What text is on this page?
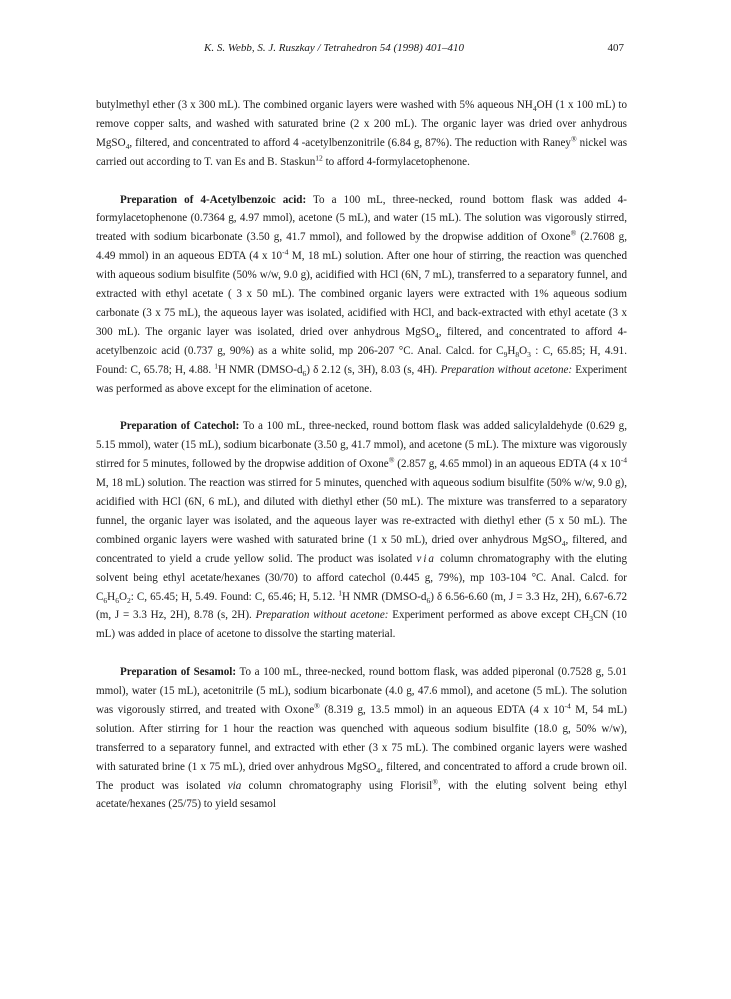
K. S. Webb, S. J. Ruszkay / Tetrahedron 54 (1998) 401–410	407

butylmethyl ether (3 x 300 mL). The combined organic layers were washed with 5% aqueous $NH_4OH$ (1 x 100 mL) to remove copper salts, and washed with saturated brine (2 x 200 mL). The organic layer was dried over anhydrous MgSO$_4$, filtered, and concentrated to afford 4 -acetylbenzonitrile (6.84 g, 87%). The reduction with Raney® nickel was carried out according to T. van Es and B. Staskun$^{12}$ to afford 4-formylacetophenone.

Preparation of 4-Acetylbenzoic acid: To a 100 mL, three-necked, round bottom flask was added 4-formylacetophenone (0.7364 g, 4.97 mmol), acetone (5 mL), and water (15 mL). The solution was vigorously stirred, treated with sodium bicarbonate (3.50 g, 41.7 mmol), and followed by the dropwise addition of Oxone® (2.7608 g, 4.49 mmol) in an aqueous EDTA (4 x $10^{-4}$ M, 18 mL) solution. After one hour of stirring, the reaction was quenched with aqueous sodium bisulfite (50% w/w, 9.0 g), acidified with HCl (6N, 7 mL), transferred to a separatory funnel, and extracted with ethyl acetate ( 3 x 50 mL). The combined organic layers were extracted with 1% aqueous sodium carbonate (3 x 75 mL), the aqueous layer was isolated, acidified with HCl, and back-extracted with ethyl acetate (3 x 300 mL). The organic layer was isolated, dried over anhydrous MgSO$_4$, filtered, and concentrated to afford 4-acetylbenzoic acid (0.737 g, 90%) as a white solid, mp 206-207 °C. Anal. Calcd. for $C_9H_8O_3$ : C, 65.85; H, 4.91. Found: C, 65.78; H, 4.88. $^1$H NMR $(DMSO-d_6)$ δ 2.12 (s, 3H), 8.03 (s, 4H). Preparation without acetone: Experiment was performed as above except for the elimination of acetone.

Preparation of Catechol: To a 100 mL, three-necked, round bottom flask was added salicylaldehyde (0.629 g, 5.15 mmol), water (15 mL), sodium bicarbonate (3.50 g, 41.7 mmol), and acetone (5 mL). The mixture was vigorously stirred for 5 minutes, followed by the dropwise addition of Oxone® (2.857 g, 4.65 mmol) in an aqueous EDTA (4 x $10^{-4}$ M, 18 mL) solution. The reaction was stirred for 5 minutes, quenched with aqueous sodium bisulfite (50% w/w, 9.0 g), acidified with HCl (6N, 6 mL), and diluted with diethyl ether (50 mL). The mixture was transferred to a separatory funnel, the organic layer was isolated, and the aqueous layer was re-extracted with diethyl ether (5 x 50 mL). The combined organic layers were washed with saturated brine (1 x 50 mL), dried over anhydrous MgSO$_4$, filtered, and concentrated to yield a crude yellow solid. The product was isolated via column chromatography with the eluting solvent being ethyl acetate/hexanes (30/70) to afford catechol (0.445 g, 79%), mp 103-104 °C. Anal. Calcd. for $C_6H_6O_2$: C, 65.45; H, 5.49. Found: C, 65.46; H, 5.12. $^1$H NMR $(DMSO-d_6)$ δ 6.56-6.60 (m, J = 3.3 Hz, 2H), 6.67-6.72 (m, J = 3.3 Hz, 2H), 8.78 (s, 2H). Preparation without acetone: Experiment performed as above except $CH_3CN$ (10 mL) was added in place of acetone to dissolve the starting material.

Preparation of Sesamol: To a 100 mL, three-necked, round bottom flask, was added piperonal (0.7528 g, 5.01 mmol), water (15 mL), acetonitrile (5 mL), sodium bicarbonate (4.0 g, 47.6 mmol), and acetone (5 mL). The solution was vigorously stirred, and treated with Oxone® (8.319 g, 13.5 mmol) in an aqueous EDTA (4 x $10^{-4}$ M, 54 mL) solution. After stirring for 1 hour the reaction was quenched with aqueous sodium bisulfite (18.0 g, 50% w/w), transferred to a separatory funnel, and extracted with ether (3 x 75 mL). The combined organic layers were washed with saturated brine (1 x 75 mL), dried over anhydrous MgSO$_4$, filtered, and concentrated to afford a crude brown oil. The product was isolated via column chromatography using Florisil®, with the eluting solvent being ethyl acetate/hexanes (25/75) to yield sesamol
